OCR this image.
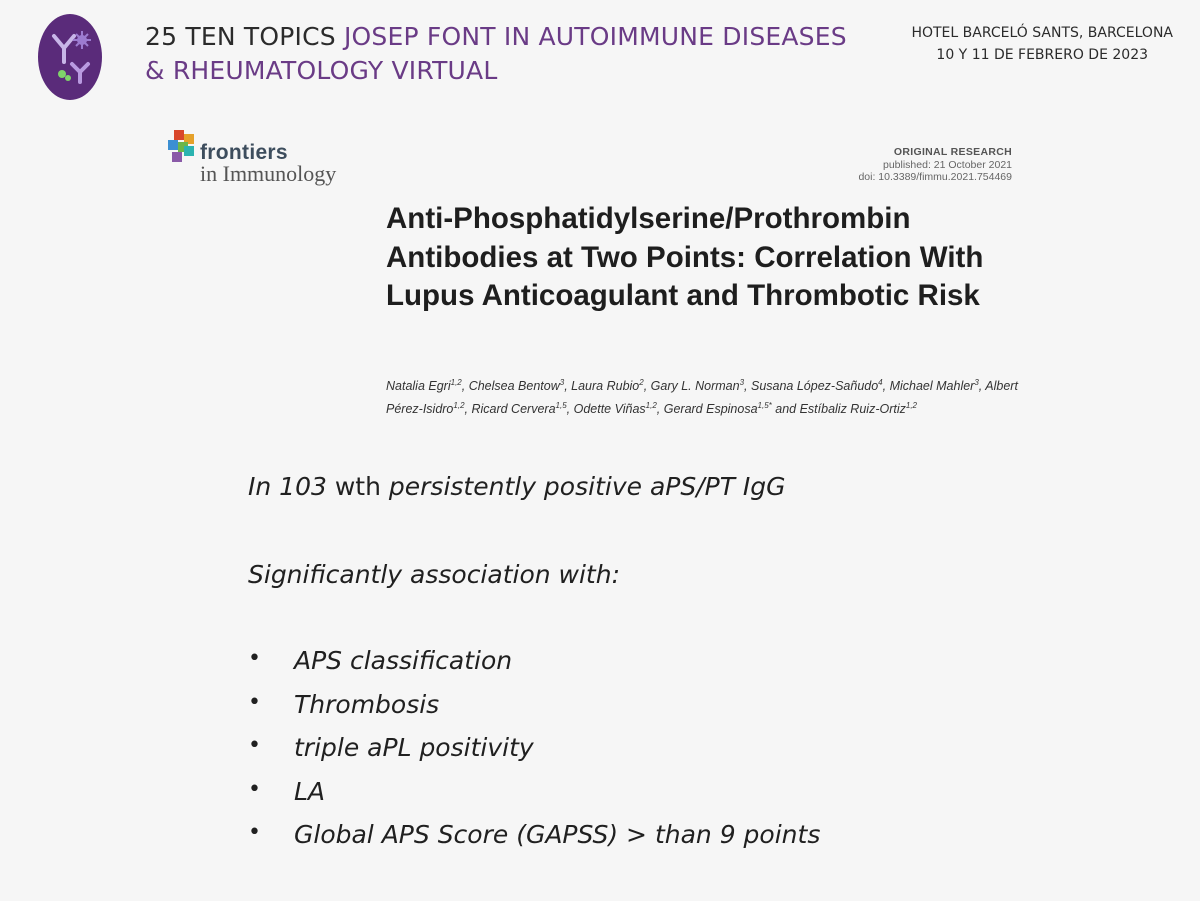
25 TEN TOPICS JOSEP FONT IN AUTOIMMUNE DISEASES
& RHEUMATOLOGY VIRTUAL
HOTEL BARCELÓ SANTS, BARCELONA
10 Y 11 DE FEBRERO DE 2023
frontiers
in Immunology
ORIGINAL RESEARCH
published: 21 October 2021
doi: 10.3389/fimmu.2021.754469
Anti-Phosphatidylserine/Prothrombin Antibodies at Two Points: Correlation With Lupus Anticoagulant and Thrombotic Risk
Natalia Egri$^{1,2}$, Chelsea Bentow$^3$, Laura Rubio$^2$, Gary L. Norman$^3$, Susana López-Sañudo$^4$, Michael Mahler$^3$, Albert Pérez-Isidro$^{1,2}$, Ricard Cervera$^{1,5}$, Odette Viñas$^{1,2}$, Gerard Espinosa$^{1,5*}$ and Estíbaliz Ruiz-Ortiz$^{1,2}$
In 103 wth persistently positive aPS/PT IgG
Significantly association with:
• APS classification
• Thrombosis
• triple aPL positivity
• LA
• Global APS Score (GAPSS) > than 9 points
